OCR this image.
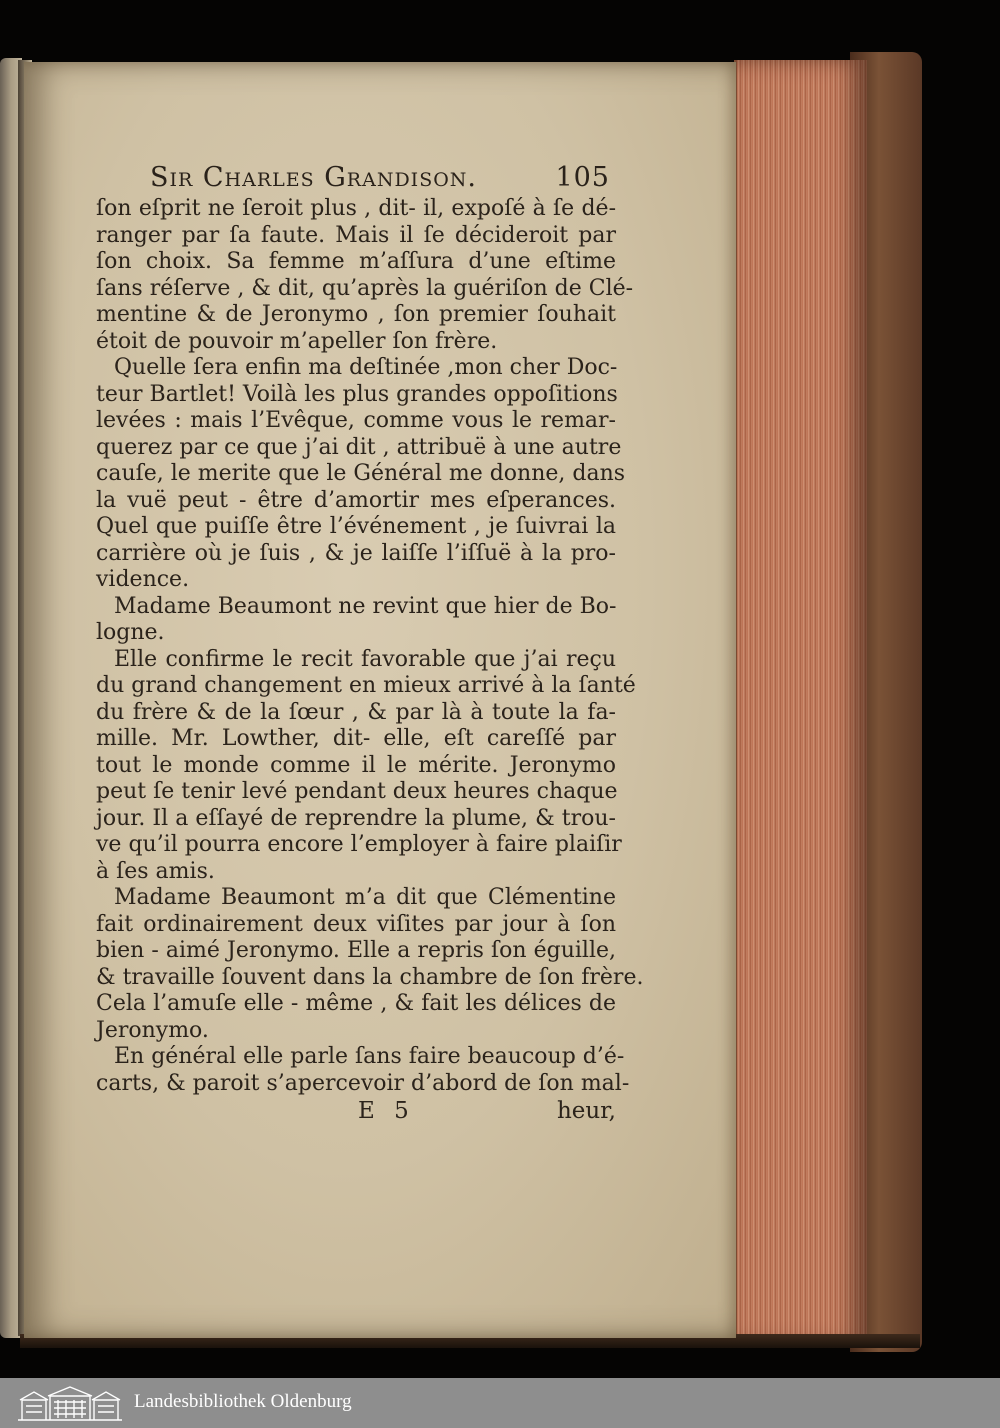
Sir Charles Grandison.	105
ſon eſprit ne ſeroit plus , dit- il, expoſé à ſe dé-
ranger par ſa faute. Mais il ſe décideroit par
ſon choix. Sa femme m’aſſura d’une eſtime
ſans réſerve , & dit, qu’après la guériſon de Clé-
mentine & de Jeronymo , ſon premier ſouhait
étoit de pouvoir m’apeller ſon frère.
Quelle ſera enfin ma deſtinée ,mon cher Doc-
teur Bartlet! Voilà les plus grandes oppoſitions
levées : mais l’Evêque, comme vous le remar-
querez par ce que j’ai dit , attribuë à une autre
cauſe, le merite que le Général me donne, dans
la vuë peut - être d’amortir mes eſperances.
Quel que puiſſe être l’événement , je ſuivrai la
carrière où je ſuis , & je laiſſe l’iſſuë à la pro-
vidence.
Madame Beaumont ne revint que hier de Bo-
logne.
Elle confirme le recit favorable que j’ai reçu
du grand changement en mieux arrivé à la ſanté
du frère & de la ſœur , & par là à toute la fa-
mille. Mr. Lowther, dit- elle, eſt careſſé par
tout le monde comme il le mérite. Jeronymo
peut ſe tenir levé pendant deux heures chaque
jour. Il a eſſayé de reprendre la plume, & trou-
ve qu’il pourra encore l’employer à faire plaiſir
à ſes amis.
Madame Beaumont m’a dit que Clémentine
fait ordinairement deux viſites par jour à ſon
bien - aimé Jeronymo. Elle a repris ſon éguille,
& travaille ſouvent dans la chambre de ſon frère.
Cela l’amuſe elle - même , & fait les délices de
Jeronymo.
En général elle parle ſans faire beaucoup d’é-
carts, & paroit s’apercevoir d’abord de ſon mal-
E 5	heur,
Landesbibliothek Oldenburg
